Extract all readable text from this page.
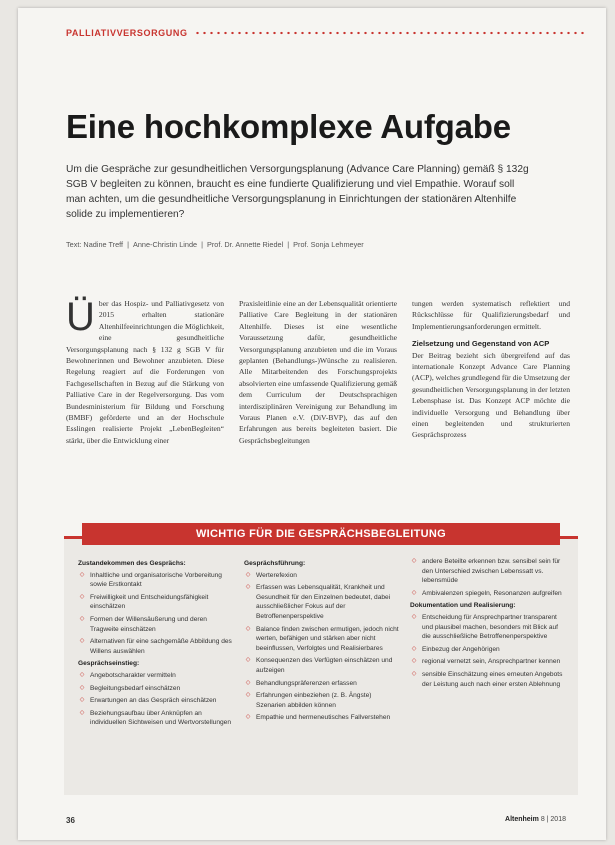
PALLIATIVVERSORGUNG
Eine hochkomplexe Aufgabe
Um die Gespräche zur gesundheitlichen Versorgungsplanung (Advance Care Planning) gemäß § 132g SGB V begleiten zu können, braucht es eine fundierte Qualifizierung und viel Empathie. Worauf soll man achten, um die gesundheitliche Versorgungsplanung in Einrichtungen der stationären Altenhilfe solide zu implementieren?
Text: Nadine Treff | Anne-Christin Linde | Prof. Dr. Annette Riedel | Prof. Sonja Lehmeyer
Ü ber das Hospiz- und Palliativgesetz von 2015 erhalten stationäre Altenhilfeeinrichtungen die Möglichkeit, eine gesundheitliche Versorgungsplanung nach § 132 g SGB V für Bewohnerinnen und Bewohner anzubieten. Diese Regelung reagiert auf die Forderungen von Fachgesellschaften in Bezug auf die Stärkung von Palliative Care in der Regelversorgung. Das vom Bundesministerium für Bildung und Forschung (BMBF) geförderte und an der Hochschule Esslingen realisierte Projekt „LebenBegleiten“ stärkt, über die Entwicklung einer
Praxisleitlinie eine an der Lebensqualität orientierte Palliative Care Begleitung in der stationären Altenhilfe. Dieses ist eine wesentliche Voraussetzung dafür, gesundheitliche Versorgungsplanung anzubieten und die im Voraus geplanten (Behandlungs-)Wünsche zu realisieren. Alle Mitarbeitenden des Forschungsprojekts absolvierten eine umfassende Qualifizierung gemäß dem Curriculum der Deutschsprachigen interdisziplinären Vereinigung zur Behandlung im Voraus Planen e.V. (DiV-BVP), das auf den Erfahrungen aus bereits begleiteten basiert. Die Gesprächsbegleitungen
tungen werden systematisch reflektiert und Rückschlüsse für Qualifizierungsbedarf und Implementierungsanforderungen ermittelt.
Zielsetzung und Gegenstand von ACP
Der Beitrag bezieht sich übergreifend auf das internationale Konzept Advance Care Planning (ACP), welches grundlegend für die Umsetzung der gesundheitlichen Versorgungsplanung in der letzten Lebensphase ist. Das Konzept ACP möchte die individuelle Versorgung und Behandlung über einen begleitenden und strukturierten Gesprächsprozess
WICHTIG FÜR DIE GESPRÄCHSBEGLEITUNG
Zustandekommen des Gesprächs:
◇ Inhaltliche und organisatorische Vorbereitung sowie Erstkontakt
◇ Freiwilligkeit und Entscheidungsfähigkeit einschätzen
◇ Formen der Willensäußerung und deren Tragweite einschätzen
◇ Alternativen für eine sachgemäße Abbildung des Willens auswählen
Gesprächseinstieg:
◇ Angebotscharakter vermitteln
◇ Begleitungsbedarf einschätzen
◇ Erwartungen an das Gespräch einschätzen
◇ Beziehungsaufbau über Anknüpfen an individuellen Sichtweisen und Wertvorstellungen
Gesprächsführung:
◇ Werterefexion
◇ Erfassen was Lebensqualität, Krankheit und Gesundheit für den Einzelnen bedeutet, dabei ausschließlicher Fokus auf der Betroffenenperspektive
◇ Balance finden zwischen ermutigen, jedoch nicht werten, befähigen und stärken aber nicht beeinflussen, Verfolgtes und Realisierbares
◇ Konsequenzen des Verfügten einschätzen und aufzeigen
◇ Behandlungspräferenzen erfassen
◇ Erfahrungen einbeziehen (z. B. Ängste) Szenarien abbilden können
◇ Empathie und hermeneutisches Fallverstehen
◇ andere Beteilte erkennen bzw. sensibel sein für den Unterschied zwischen Lebenssatt vs. lebensmüde
◇ Ambivalenzen spiegeln, Resonanzen aufgreifen
Dokumentation und Realisierung:
◇ Entscheidung für Ansprechpartner transparent und plausibel machen, besonders mit Blick auf die ausschließliche Betroffenenperspektive
◇ Einbezug der Angehörigen
◇ regional vernetzt sein, Ansprechpartner kennen
◇ sensible Einschätzung eines erneuten Angebots der Leistung auch nach einer ersten Ablehnung
36	Altenheim 8 | 2018
